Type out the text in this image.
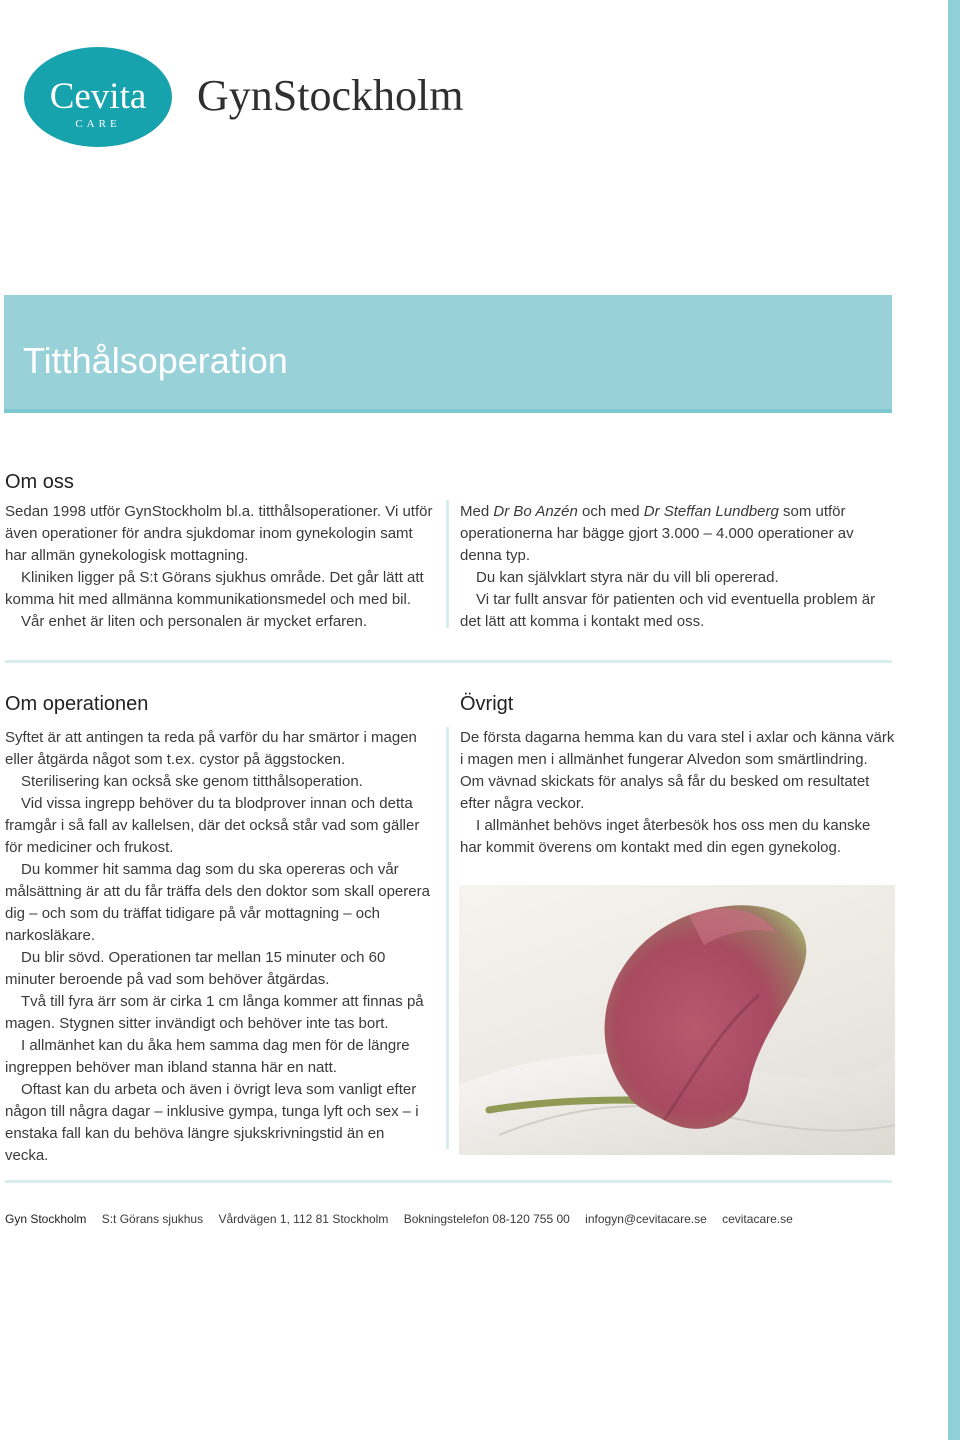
Cevita
CARE
GynStockholm
Titthålsoperation
Om oss

Sedan 1998 utför GynStockholm bl.a. titthålsoperationer. Vi utför även operationer för andra sjukdomar inom gynekologin samt har allmän gynekologisk mottagning.

Kliniken ligger på S:t Görans sjukhus område. Det går lätt att komma hit med allmänna kommunikationsmedel och med bil.

Vår enhet är liten och personalen är mycket erfaren.

Med Dr Bo Anzén och med Dr Steffan Lundberg som utför operationerna har bägge gjort 3.000 – 4.000 operationer av denna typ.

Du kan självklart styra när du vill bli opererad.

Vi tar fullt ansvar för patienten och vid eventuella problem är det lätt att komma i kontakt med oss.

Om operationen

Syftet är att antingen ta reda på varför du har smärtor i magen eller åtgärda något som t.ex. cystor på äggstocken.

Sterilisering kan också ske genom titthålsoperation.

Vid vissa ingrepp behöver du ta blodprover innan och detta framgår i så fall av kallelsen, där det också står vad som gäller för mediciner och frukost.

Du kommer hit samma dag som du ska opereras och vår målsättning är att du får träffa dels den doktor som skall operera dig – och som du träffat tidigare på vår mottagning – och narkosläkare.

Du blir sövd. Operationen tar mellan 15 minuter och 60 minuter beroende på vad som behöver åtgärdas.

Två till fyra ärr som är cirka 1 cm långa kommer att finnas på magen. Stygnen sitter invändigt och behöver inte tas bort.

I allmänhet kan du åka hem samma dag men för de längre ingreppen behöver man ibland stanna här en natt.

Oftast kan du arbeta och även i övrigt leva som vanligt efter någon till några dagar – inklusive gympa, tunga lyft och sex – i enstaka fall kan du behöva längre sjukskrivningstid än en vecka.

Övrigt

De första dagarna hemma kan du vara stel i axlar och känna värk i magen men i allmänhet fungerar Alvedon som smärtlindring. Om vävnad skickats för analys så får du besked om resultatet efter några veckor.

I allmänhet behövs inget återbesök hos oss men du kanske har kommit överens om kontakt med din egen gynekolog.

Gyn Stockholm S:t Görans sjukhus Vårdvägen 1, 112 81 Stockholm Bokningstelefon 08-120 755 00 infogyn@cevitacare.se cevitacare.se
